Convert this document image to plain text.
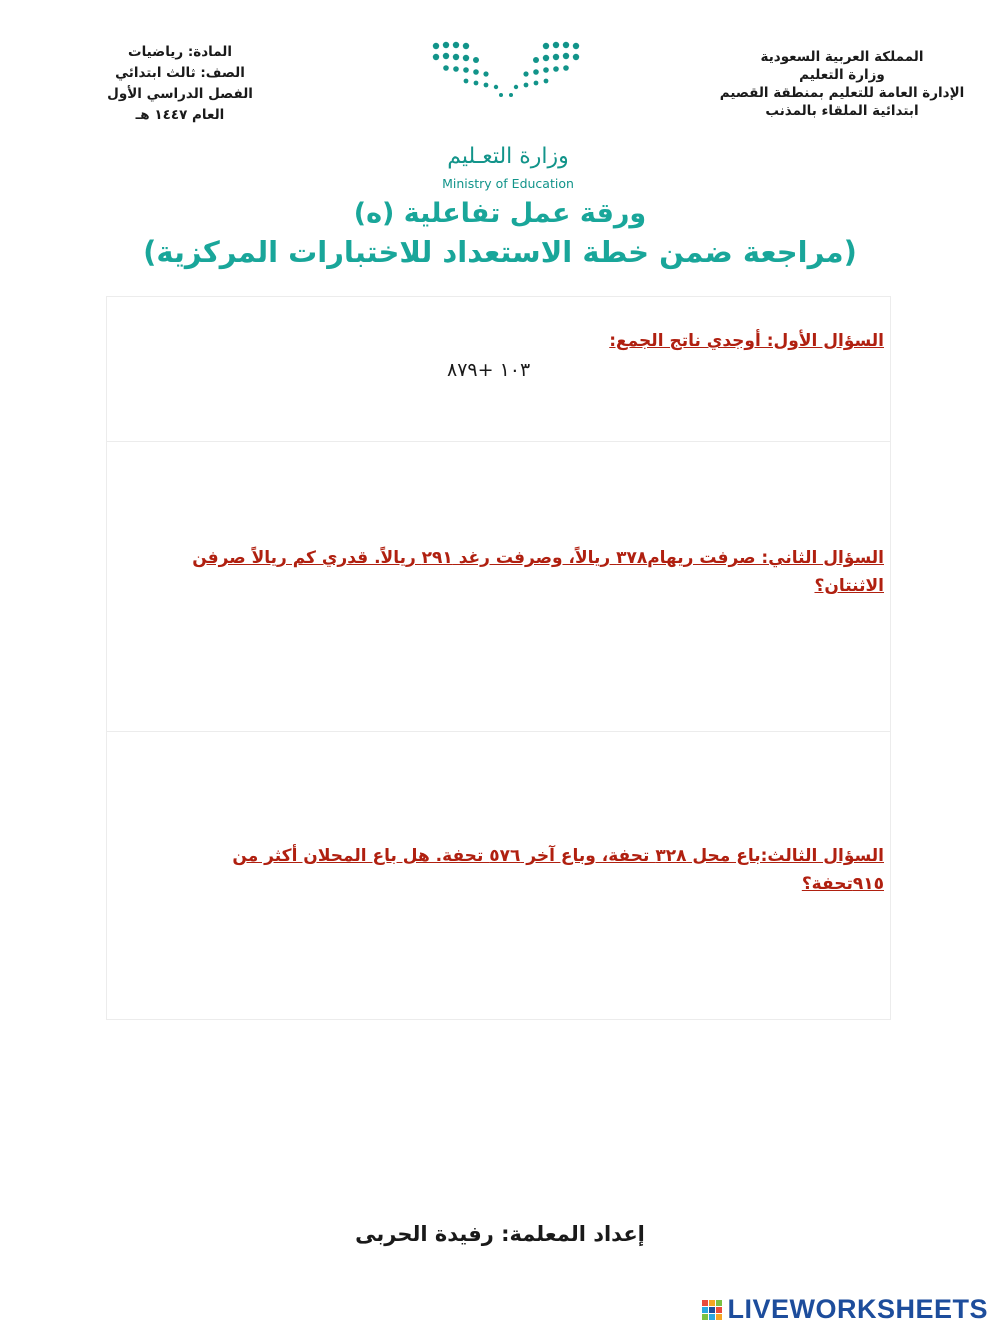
المملكة العربية السعودية
وزارة التعليم
الإدارة العامة للتعليم بمنطقة القصيم
ابتدائية الملقاء بالمذنب
المادة: رياضيات
الصف: ثالث ابتدائي
الفصل الدراسي الأول
العام ١٤٤٧ هـ
وزارة التعـليم
Ministry of Education
ورقة عمل تفاعلية (ه)
(مراجعة ضمن خطة الاستعداد للاختبارات المركزية)
السؤال الأول: أوجدي ناتج الجمع:
١٠٣ +٨٧٩
السؤال الثاني: صرفت ريهام٣٧٨ ريالاً، وصرفت رغد ٢٩١ ريالاً. قدري كم ريالاً صرفن الاثنتان؟
السؤال الثالث:باع محل ٣٢٨ تحفة، وباع آخر ٥٧٦ تحفة. هل باع المحلان أكثر من ٩١٥تحفة؟
إعداد المعلمة: رفيدة الحربى
LIVEWORKSHEETS
